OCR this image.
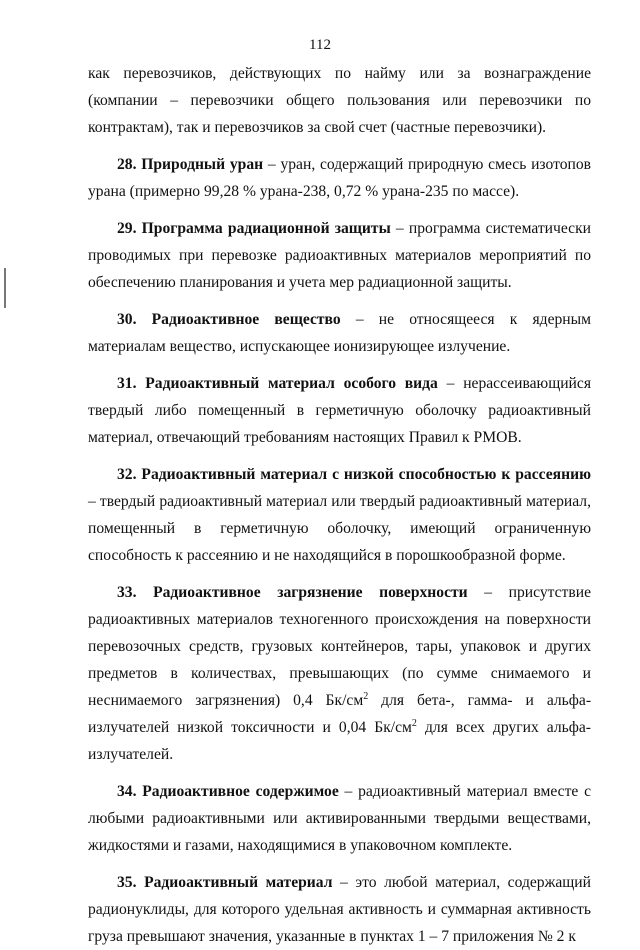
112

как перевозчиков, действующих по найму или за вознаграждение (компании – перевозчики общего пользования или перевозчики по контрактам), так и перевозчиков за свой счет (частные перевозчики).

28. Природный уран – уран, содержащий природную смесь изотопов урана (примерно 99,28 % урана-238, 0,72 % урана-235 по массе).

29. Программа радиационной защиты – программа систематически проводимых при перевозке радиоактивных материалов мероприятий по обеспечению планирования и учета мер радиационной защиты.

30. Радиоактивное вещество – не относящееся к ядерным материалам вещество, испускающее ионизирующее излучение.

31. Радиоактивный материал особого вида – нерассеивающийся твердый либо помещенный в герметичную оболочку радиоактивный материал, отвечающий требованиям настоящих Правил к РМОВ.

32. Радиоактивный материал с низкой способностью к рассеянию – твердый радиоактивный материал или твердый радиоактивный материал, помещенный в герметичную оболочку, имеющий ограниченную способность к рассеянию и не находящийся в порошкообразной форме.

33. Радиоактивное загрязнение поверхности – присутствие радиоактивных материалов техногенного происхождения на поверхности перевозочных средств, грузовых контейнеров, тары, упаковок и других предметов в количествах, превышающих (по сумме снимаемого и неснимаемого загрязнения) 0,4 $Бк/см^2$ для бета-, гамма- и альфа-излучателей низкой токсичности и 0,04 $Бк/см^2$ для всех других альфа-излучателей.

34. Радиоактивное содержимое – радиоактивный материал вместе с любыми радиоактивными или активированными твердыми веществами, жидкостями и газами, находящимися в упаковочном комплекте.

35. Радиоактивный материал – это любой материал, содержащий радионуклиды, для которого удельная активность и суммарная активность груза превышают значения, указанные в пунктах 1 – 7 приложения № 2 к
